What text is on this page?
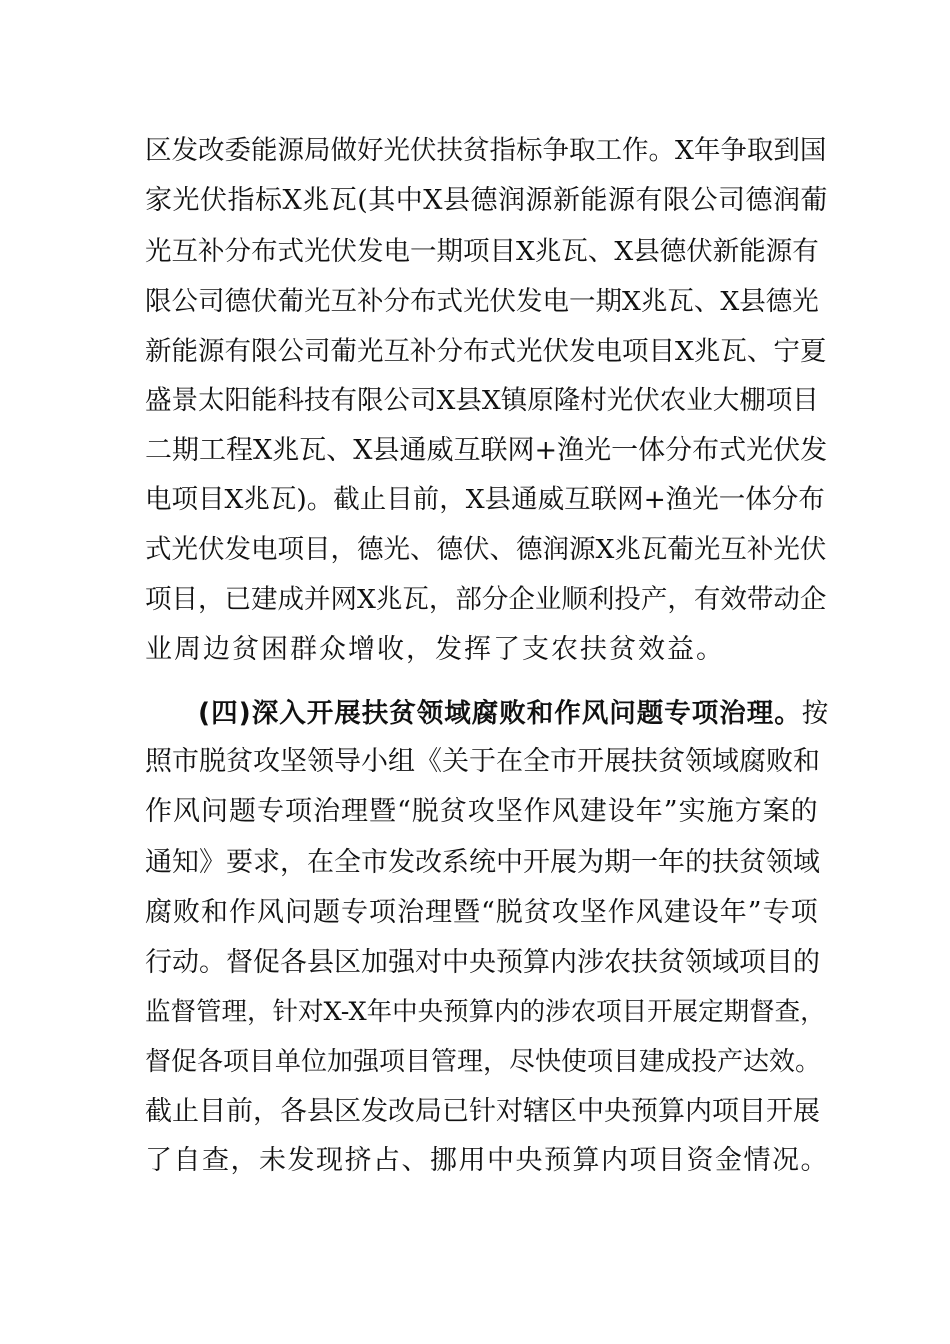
区发改委能源局做好光伏扶贫指标争取工作。X年争取到国
家光伏指标X兆瓦(其中X县德润源新能源有限公司德润葡
光互补分布式光伏发电一期项目X兆瓦、X县德伏新能源有
限公司德伏葡光互补分布式光伏发电一期X兆瓦、X县德光
新能源有限公司葡光互补分布式光伏发电项目X兆瓦、宁夏
盛景太阳能科技有限公司X县X镇原隆村光伏农业大棚项目
二期工程X兆瓦、X县通威互联网+渔光一体分布式光伏发
电项目X兆瓦)。截止目前，X县通威互联网+渔光一体分布
式光伏发电项目，德光、德伏、德润源X兆瓦葡光互补光伏
项目，已建成并网X兆瓦，部分企业顺利投产，有效带动企
业周边贫困群众增收，发挥了支农扶贫效益。
(四)深入开展扶贫领域腐败和作风问题专项治理。按
照市脱贫攻坚领导小组《关于在全市开展扶贫领域腐败和
作风问题专项治理暨“脱贫攻坚作风建设年”实施方案的
通知》要求，在全市发改系统中开展为期一年的扶贫领域
腐败和作风问题专项治理暨“脱贫攻坚作风建设年”专项
行动。督促各县区加强对中央预算内涉农扶贫领域项目的
监督管理，针对X-X年中央预算内的涉农项目开展定期督查，
督促各项目单位加强项目管理，尽快使项目建成投产达效。
截止目前，各县区发改局已针对辖区中央预算内项目开展
了自查，未发现挤占、挪用中央预算内项目资金情况。
